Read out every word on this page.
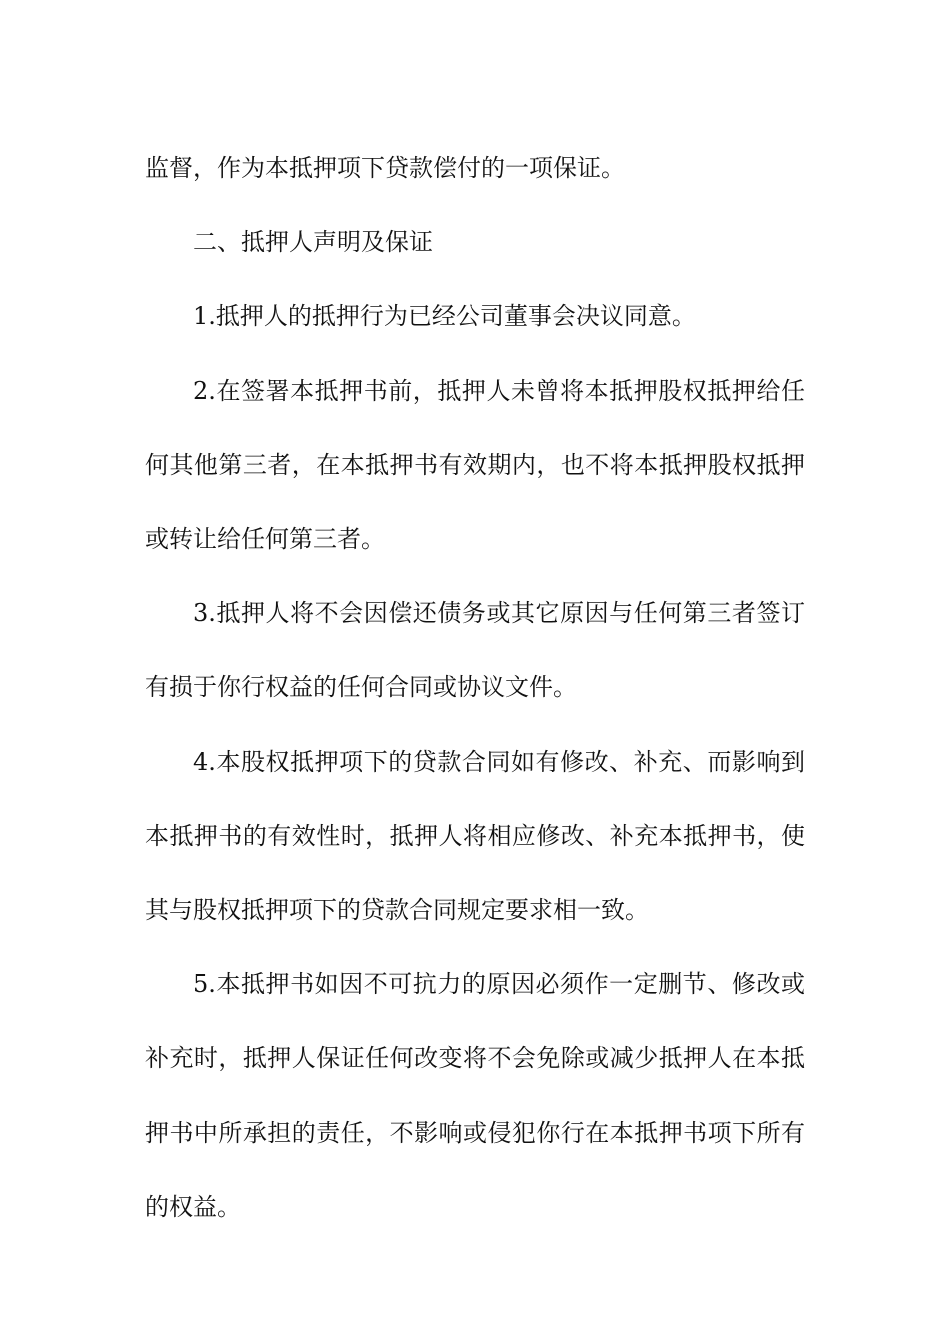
监督，作为本抵押项下贷款偿付的一项保证。

二、抵押人声明及保证

1.抵押人的抵押行为已经公司董事会决议同意。

2.在签署本抵押书前，抵押人未曾将本抵押股权抵押给任何其他第三者，在本抵押书有效期内，也不将本抵押股权抵押或转让给任何第三者。

3.抵押人将不会因偿还债务或其它原因与任何第三者签订有损于你行权益的任何合同或协议文件。

4.本股权抵押项下的贷款合同如有修改、补充、而影响到本抵押书的有效性时，抵押人将相应修改、补充本抵押书，使其与股权抵押项下的贷款合同规定要求相一致。

5.本抵押书如因不可抗力的原因必须作一定删节、修改或补充时，抵押人保证任何改变将不会免除或减少抵押人在本抵押书中所承担的责任，不影响或侵犯你行在本抵押书项下所有的权益。
